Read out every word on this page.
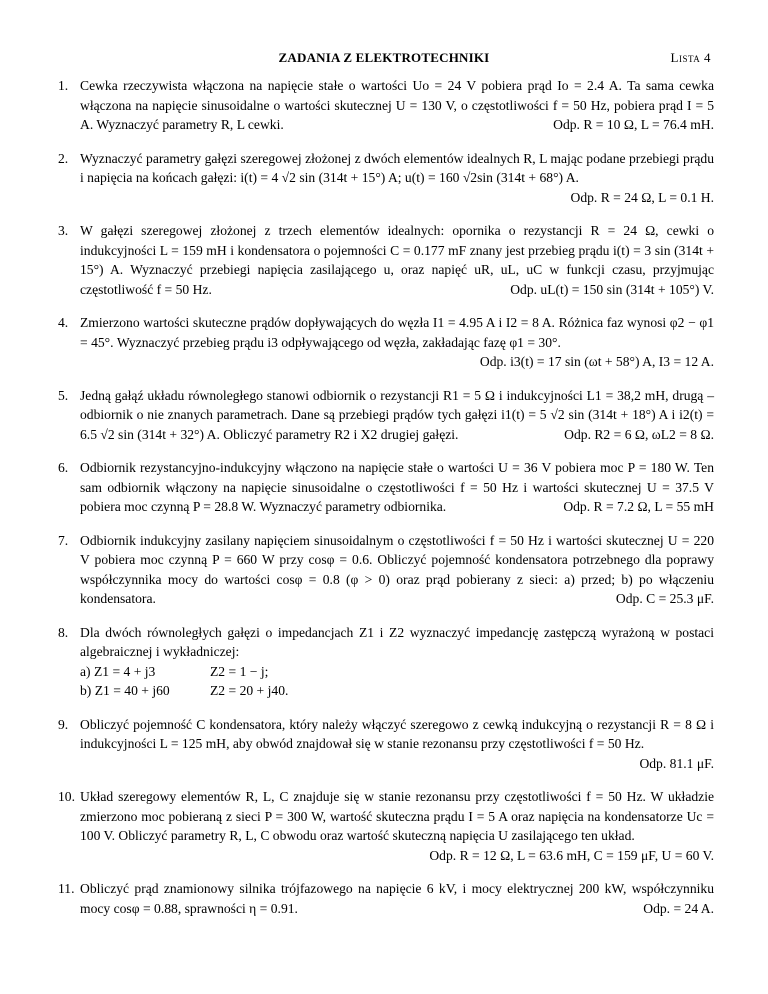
ZADANIA Z ELEKTROTECHNIKI	Lista 4
1. Cewka rzeczywista włączona na napięcie stałe o wartości Uo = 24 V pobiera prąd Io = 2.4 A. Ta sama cewka włączona na napięcie sinusoidalne o wartości skutecznej U = 130 V, o częstotliwości f = 50 Hz, pobiera prąd I = 5 A. Wyznaczyć parametry R, L cewki.	Odp. R = 10 Ω, L = 76.4 mH.
2. Wyznaczyć parametry gałęzi szeregowej złożonej z dwóch elementów idealnych R, L mając podane przebiegi prądu i napięcia na końcach gałęzi: i(t) = 4 √2 sin (314t + 15°) A; u(t) = 160 √2sin (314t + 68°) A.
Odp. R = 24 Ω, L = 0.1 H.
3. W gałęzi szeregowej złożonej z trzech elementów idealnych: opornika o rezystancji R = 24 Ω, cewki o indukcyjności L = 159 mH i kondensatora o pojemności C = 0.177 mF znany jest przebieg prądu i(t) = 3 sin (314t + 15°) A. Wyznaczyć przebiegi napięcia zasilającego u, oraz napięć uR, uL, uC w funkcji czasu, przyjmując częstotliwość f = 50 Hz.	Odp. uL(t) = 150 sin (314t + 105°) V.
4. Zmierzono wartości skuteczne prądów dopływających do węzła I1 = 4.95 A i I2 = 8 A. Różnica faz wynosi φ2 − φ1 = 45°. Wyznaczyć przebieg prądu i3 odpływającego od węzła, zakładając fazę φ1 = 30°.
Odp. i3(t) = 17 sin (ωt + 58°) A, I3 = 12 A.
5. Jedną gałąź układu równoległego stanowi odbiornik o rezystancji R1 = 5 Ω i indukcyjności L1 = 38,2 mH, drugą – odbiornik o nie znanych parametrach. Dane są przebiegi prądów tych gałęzi i1(t) = 5 √2 sin (314t + 18°) A i i2(t) = 6.5 √2 sin (314t + 32°) A. Obliczyć parametry R2 i X2 drugiej gałęzi.	Odp. R2 = 6 Ω, ωL2 = 8 Ω.
6. Odbiornik rezystancyjno-indukcyjny włączono na napięcie stałe o wartości U = 36 V pobiera moc P = 180 W. Ten sam odbiornik włączony na napięcie sinusoidalne o częstotliwości f = 50 Hz i wartości skutecznej U = 37.5 V pobiera moc czynną P = 28.8 W. Wyznaczyć parametry odbiornika.	Odp. R = 7.2 Ω, L = 55 mH
7. Odbiornik indukcyjny zasilany napięciem sinusoidalnym o częstotliwości f = 50 Hz i wartości skutecznej U = 220 V pobiera moc czynną P = 660 W przy cosφ = 0.6. Obliczyć pojemność kondensatora potrzebnego dla poprawy współczynnika mocy do wartości cosφ = 0.8 (φ > 0) oraz prąd pobierany z sieci: a) przed; b) po włączeniu kondensatora.	Odp. C = 25.3 μF.
8. Dla dwóch równoległych gałęzi o impedancjach Z1 i Z2 wyznaczyć impedancję zastępczą wyrażoną w postaci algebraicznej i wykładniczej:
a) Z1 = 4 + j3	Z2 = 1 − j;
b) Z1 = 40 + j60	Z2 = 20 + j40.
9. Obliczyć pojemność C kondensatora, który należy włączyć szeregowo z cewką indukcyjną o rezystancji R = 8 Ω i indukcyjności L = 125 mH, aby obwód znajdował się w stanie rezonansu przy częstotliwości f = 50 Hz.
Odp. 81.1 μF.
10. Układ szeregowy elementów R, L, C znajduje się w stanie rezonansu przy częstotliwości f = 50 Hz. W układzie zmierzono moc pobieraną z sieci P = 300 W, wartość skuteczna prądu I = 5 A oraz napięcia na kondensatorze Uc = 100 V. Obliczyć parametry R, L, C obwodu oraz wartość skuteczną napięcia U zasilającego ten układ.
Odp. R = 12 Ω, L = 63.6 mH, C = 159 μF, U = 60 V.
11. Obliczyć prąd znamionowy silnika trójfazowego na napięcie 6 kV, i mocy elektrycznej 200 kW, współczynniku mocy cosφ = 0.88, sprawności η = 0.91.	Odp. = 24 A.
